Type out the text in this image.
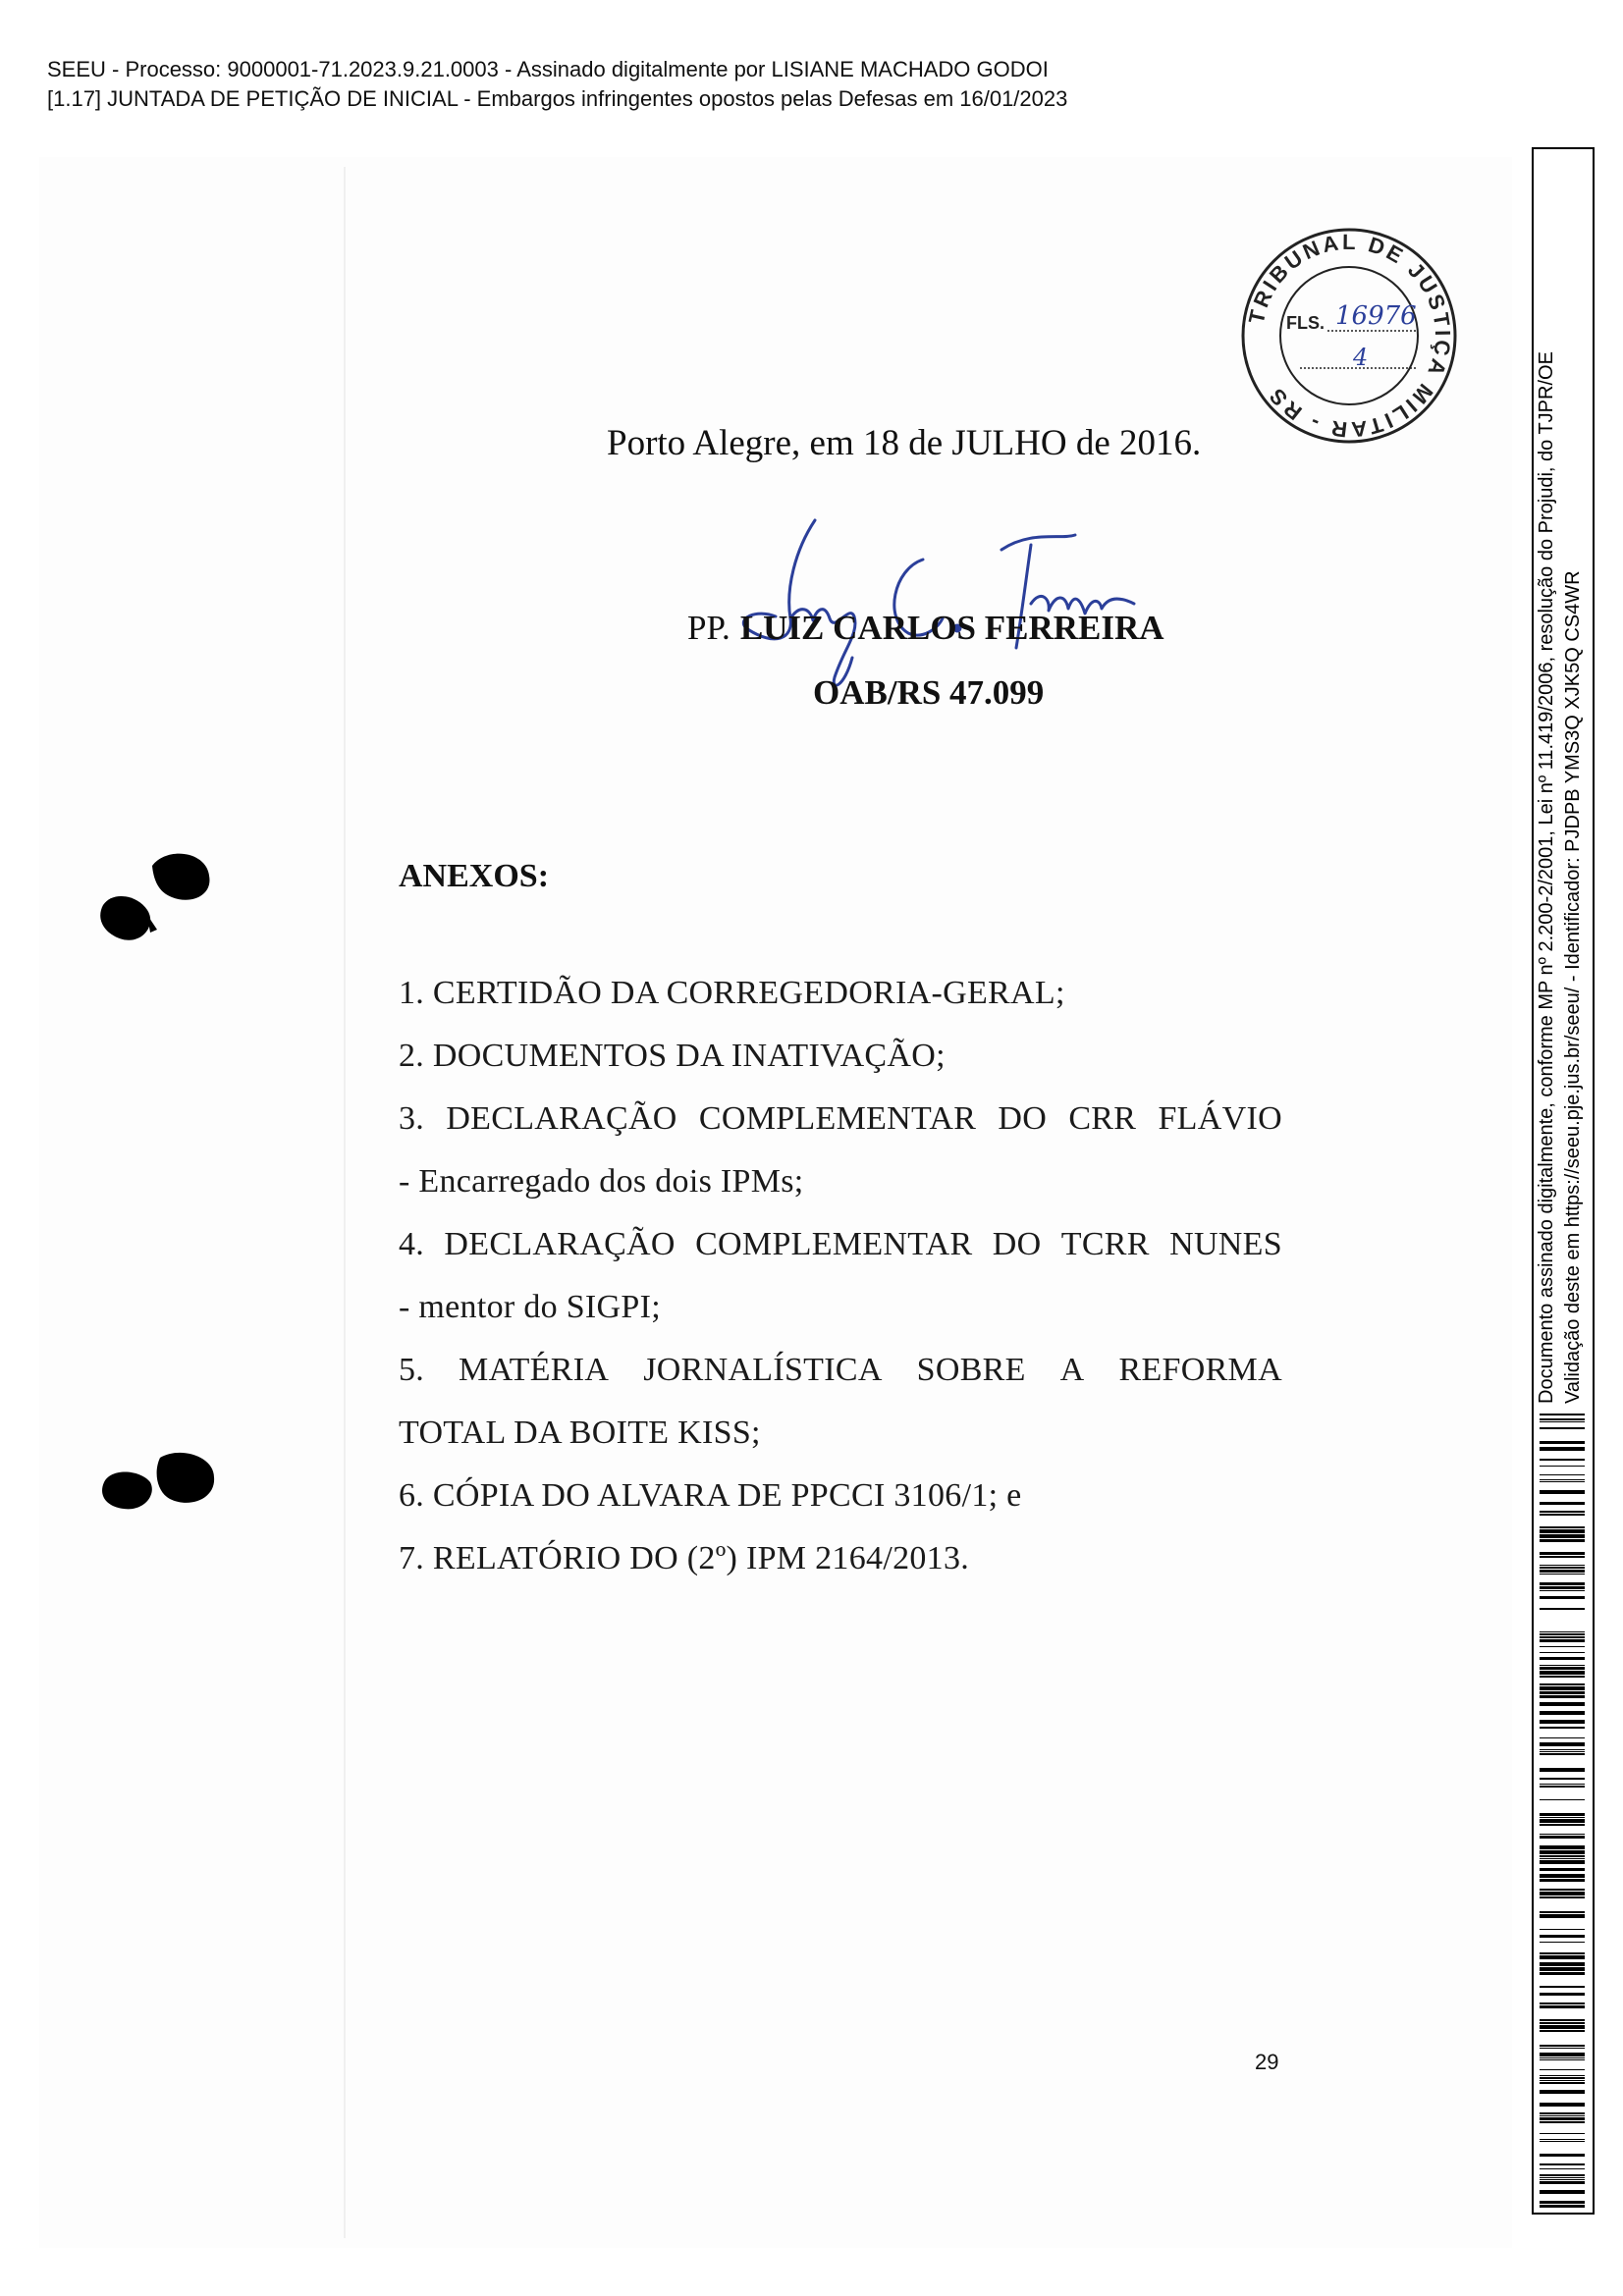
SEEU - Processo: 9000001-71.2023.9.21.0003 - Assinado digitalmente por LISIANE MACHADO GODOI
[1.17] JUNTADA DE PETIÇÃO DE INICIAL - Embargos infringentes opostos pelas Defesas em 16/01/2023
TRIBUNAL DE JUSTIÇA MILITAR - RS
FLS. 16976
4
Porto Alegre, em 18 de JULHO de 2016.
PP. LUIZ CARLOS FERREIRA
OAB/RS 47.099
ANEXOS:
1. CERTIDÃO DA CORREGEDORIA-GERAL;
2. DOCUMENTOS DA INATIVAÇÃO;
3. DECLARAÇÃO COMPLEMENTAR DO CRR FLÁVIO
- Encarregado dos dois IPMs;
4. DECLARAÇÃO COMPLEMENTAR DO TCRR NUNES
- mentor do SIGPI;
5. MATÉRIA JORNALÍSTICA SOBRE A REFORMA
TOTAL DA BOITE KISS;
6. CÓPIA DO ALVARA DE PPCCI 3106/1; e
7. RELATÓRIO DO (2º) IPM 2164/2013.
29
Documento assinado digitalmente, conforme MP nº 2.200-2/2001, Lei nº 11.419/2006, resolução do Projudi, do TJPR/OE Validação deste em https://seeu.pje.jus.br/seeu/ - Identificador: PJDPB YMS3Q XJK5Q CS4WR
